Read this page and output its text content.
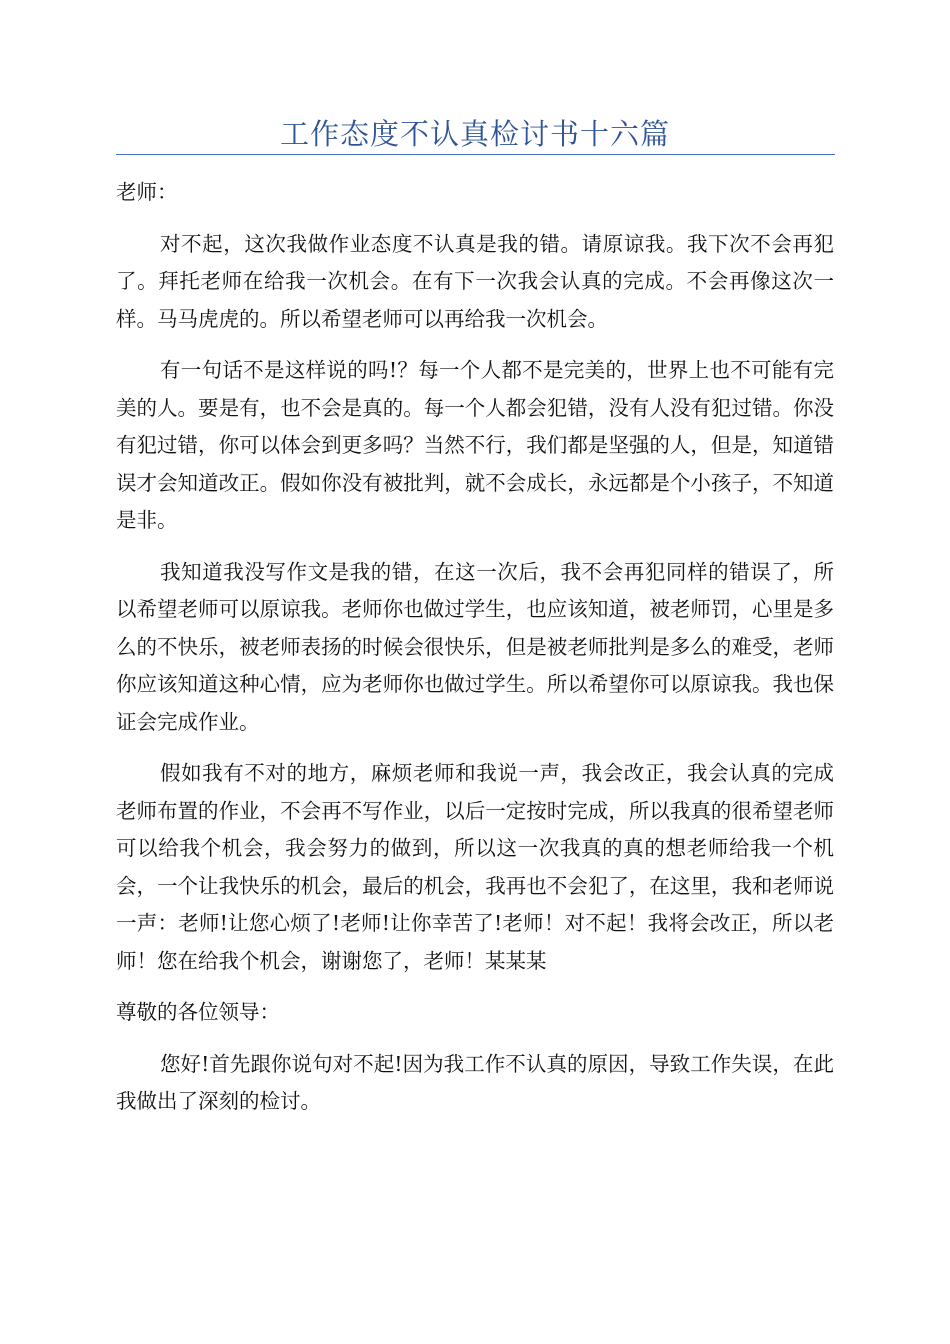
工作态度不认真检讨书十六篇

老师：

对不起，这次我做作业态度不认真是我的错。请原谅我。我下次不会再犯了。拜托老师在给我一次机会。在有下一次我会认真的完成。不会再像这次一样。马马虎虎的。所以希望老师可以再给我一次机会。

有一句话不是这样说的吗!？每一个人都不是完美的，世界上也不可能有完美的人。要是有，也不会是真的。每一个人都会犯错，没有人没有犯过错。你没有犯过错，你可以体会到更多吗？当然不行，我们都是坚强的人，但是，知道错误才会知道改正。假如你没有被批判，就不会成长，永远都是个小孩子，不知道是非。

我知道我没写作文是我的错，在这一次后，我不会再犯同样的错误了，所以希望老师可以原谅我。老师你也做过学生，也应该知道，被老师罚，心里是多么的不快乐，被老师表扬的时候会很快乐，但是被老师批判是多么的难受，老师你应该知道这种心情，应为老师你也做过学生。所以希望你可以原谅我。我也保证会完成作业。

假如我有不对的地方，麻烦老师和我说一声，我会改正，我会认真的完成老师布置的作业，不会再不写作业，以后一定按时完成，所以我真的很希望老师可以给我个机会，我会努力的做到，所以这一次我真的真的想老师给我一个机会，一个让我快乐的机会，最后的机会，我再也不会犯了，在这里，我和老师说一声：老师!让您心烦了!老师!让你幸苦了!老师！对不起！我将会改正，所以老师！您在给我个机会，谢谢您了，老师！某某某

尊敬的各位领导：

您好!首先跟你说句对不起!因为我工作不认真的原因，导致工作失误，在此我做出了深刻的检讨。
